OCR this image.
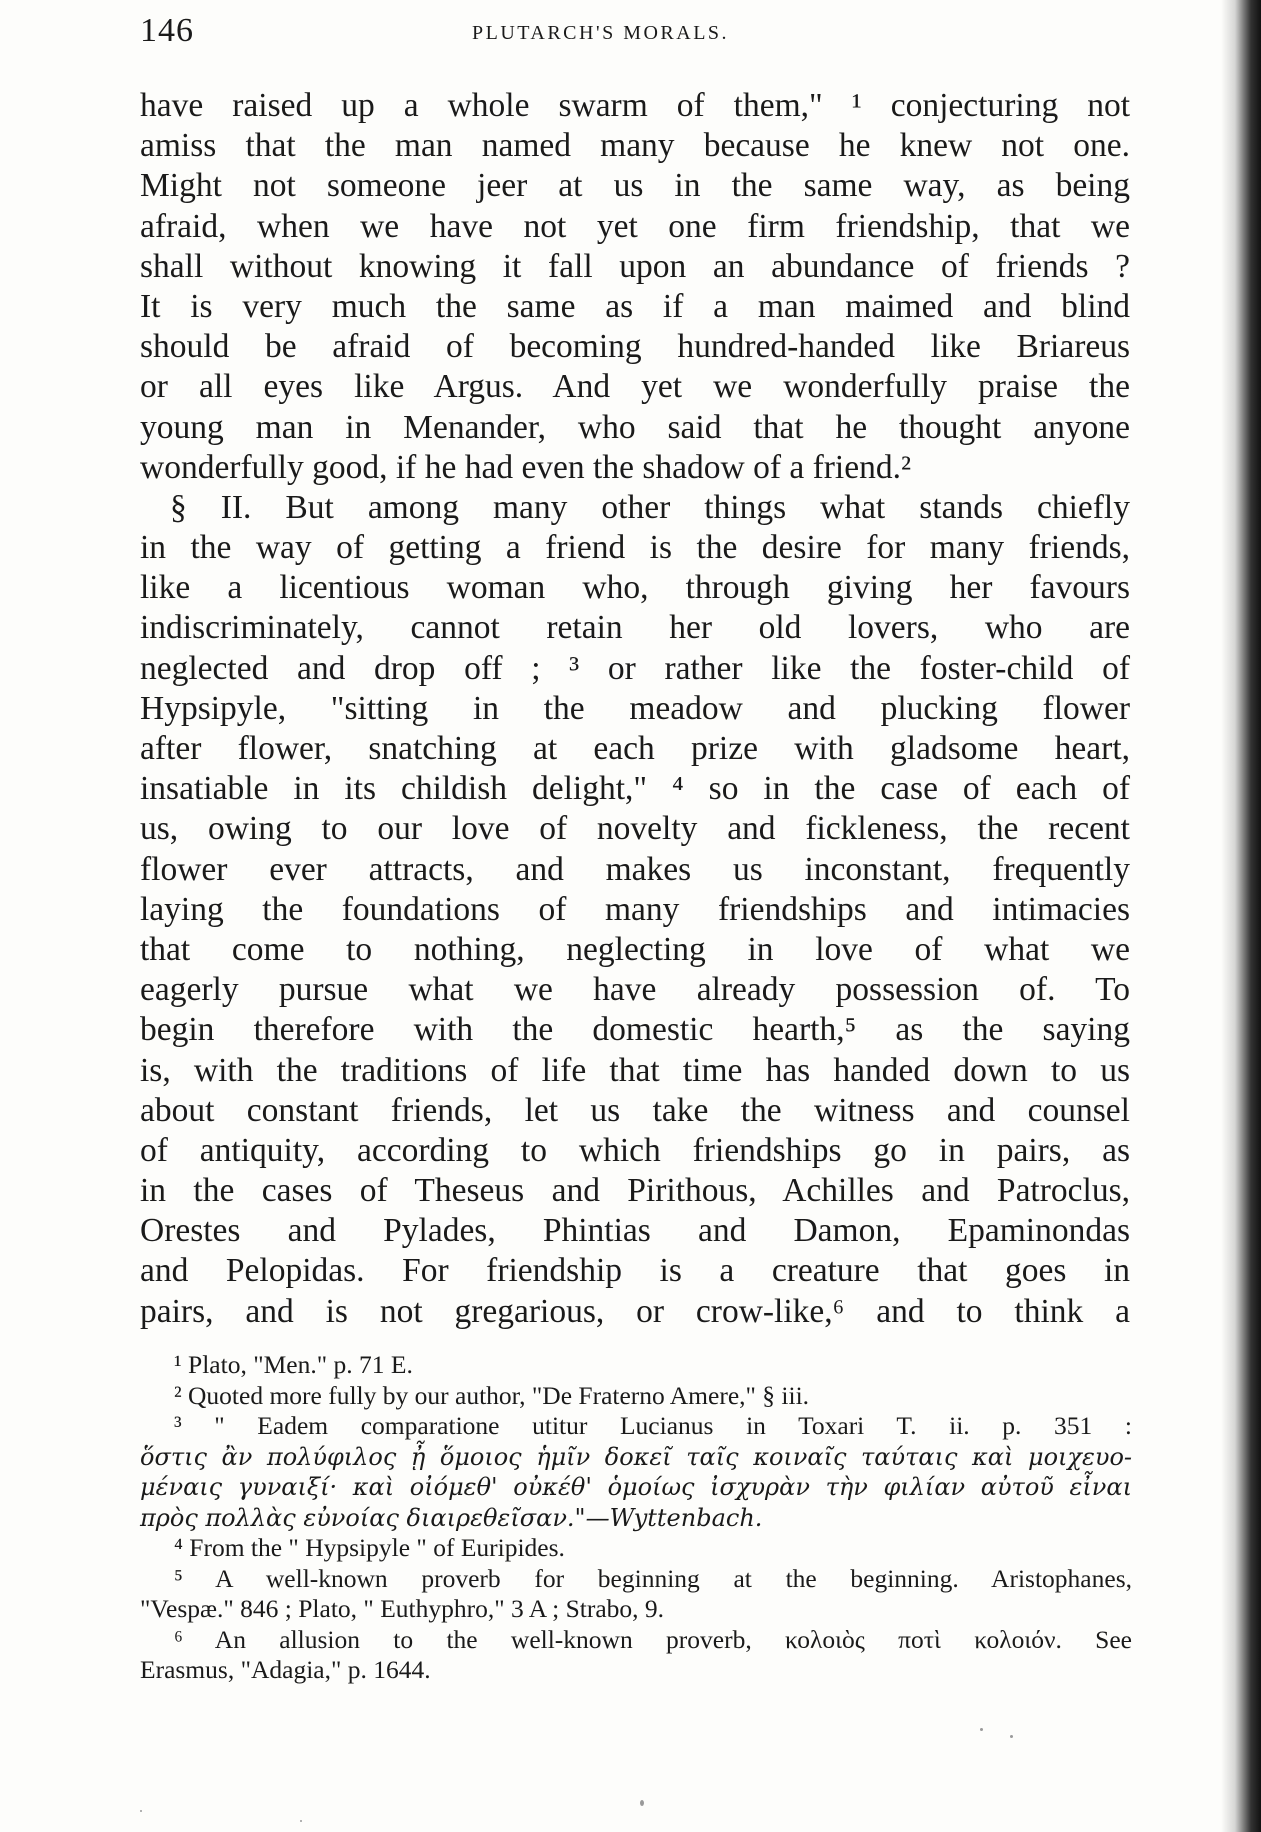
146	PLUTARCH'S MORALS.
have raised up a whole swarm of them," ¹ conjecturing not
amiss that the man named many because he knew not one.
Might not someone jeer at us in the same way, as being
afraid, when we have not yet one firm friendship, that we
shall without knowing it fall upon an abundance of friends ?
It is very much the same as if a man maimed and blind
should be afraid of becoming hundred-handed like Briareus
or all eyes like Argus. And yet we wonderfully praise the
young man in Menander, who said that he thought anyone
wonderfully good, if he had even the shadow of a friend.²
§ II. But among many other things what stands chiefly
in the way of getting a friend is the desire for many friends,
like a licentious woman who, through giving her favours
indiscriminately, cannot retain her old lovers, who are
neglected and drop off ; ³ or rather like the foster-child of
Hypsipyle, "sitting in the meadow and plucking flower
after flower, snatching at each prize with gladsome heart,
insatiable in its childish delight," ⁴ so in the case of each of
us, owing to our love of novelty and fickleness, the recent
flower ever attracts, and makes us inconstant, frequently
laying the foundations of many friendships and intimacies
that come to nothing, neglecting in love of what we
eagerly pursue what we have already possession of. To
begin therefore with the domestic hearth,⁵ as the saying
is, with the traditions of life that time has handed down to us
about constant friends, let us take the witness and counsel
of antiquity, according to which friendships go in pairs, as
in the cases of Theseus and Pirithous, Achilles and Patroclus,
Orestes and Pylades, Phintias and Damon, Epaminondas
and Pelopidas. For friendship is a creature that goes in
pairs, and is not gregarious, or crow-like,⁶ and to think a
¹ Plato, "Men." p. 71 E.
² Quoted more fully by our author, "De Fraterno Amere," § iii.
³ " Eadem comparatione utitur Lucianus in Toxari T. ii. p. 351 :
ὅστις ἂν πολύφιλος ᾖ ὅμοιος ἡμῖν δοκεῖ ταῖς κοιναῖς ταύταις καὶ μοιχευο-
μέναις γυναιξί· καὶ οἰόμεθ' οὐκέθ' ὁμοίως ἰσχυρὰν τὴν φιλίαν αὐτοῦ εἶναι
πρὸς πολλὰς εὐνοίας διαιρεθεῖσαν."—Wyttenbach.
⁴ From the " Hypsipyle " of Euripides.
⁵ A well-known proverb for beginning at the beginning. Aristophanes,
"Vespæ." 846 ; Plato, " Euthyphro," 3 A ; Strabo, 9.
⁶ An allusion to the well-known proverb, κολοιὸς ποτὶ κολοιόν. See
Erasmus, "Adagia," p. 1644.
